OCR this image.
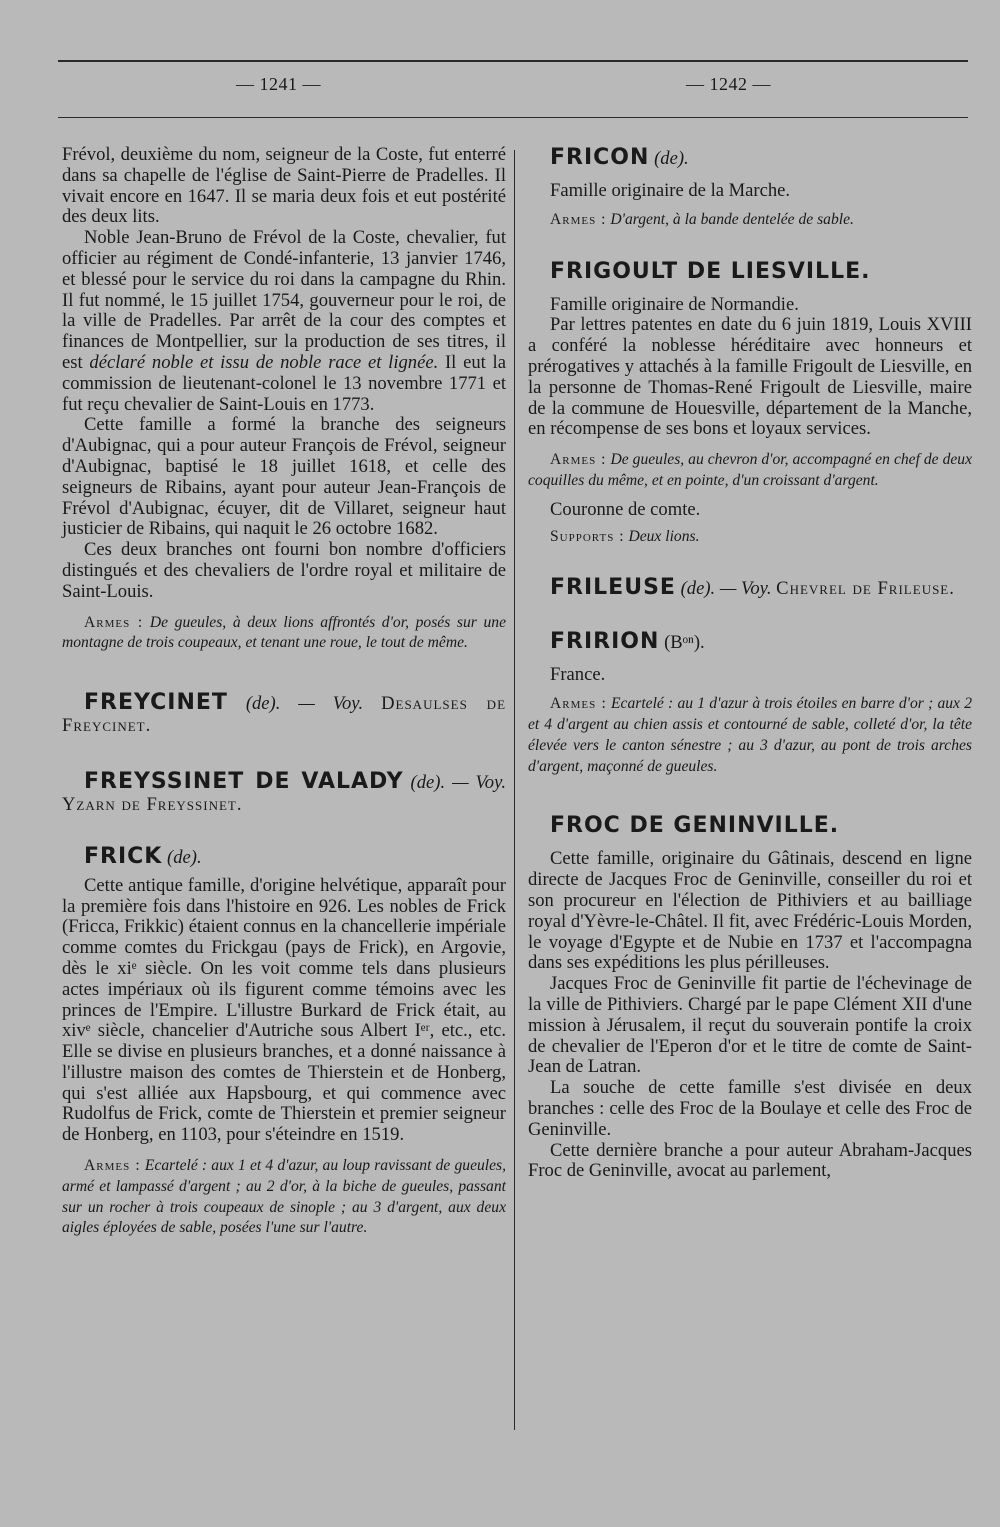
— 1241 —	— 1242 —

Frévol, deuxième du nom, seigneur de la Coste, fut enterré dans sa chapelle de l'église de Saint-Pierre de Pradelles. Il vivait encore en 1647. Il se maria deux fois et eut postérité des deux lits.

Noble Jean-Bruno de Frévol de la Coste, chevalier, fut officier au régiment de Condé-infanterie, 13 janvier 1746, et blessé pour le service du roi dans la campagne du Rhin. Il fut nommé, le 15 juillet 1754, gouverneur pour le roi, de la ville de Pradelles. Par arrêt de la cour des comptes et finances de Montpellier, sur la production de ses titres, il est déclaré noble et issu de noble race et lignée. Il eut la commission de lieutenant-colonel le 13 novembre 1771 et fut reçu chevalier de Saint-Louis en 1773.

Cette famille a formé la branche des seigneurs d'Aubignac, qui a pour auteur François de Frévol, seigneur d'Aubignac, baptisé le 18 juillet 1618, et celle des seigneurs de Ribains, ayant pour auteur Jean-François de Frévol d'Aubignac, écuyer, dit de Villaret, seigneur haut justicier de Ribains, qui naquit le 26 octobre 1682.

Ces deux branches ont fourni bon nombre d'officiers distingués et des chevaliers de l'ordre royal et militaire de Saint-Louis.

Armes : De gueules, à deux lions affrontés d'or, posés sur une montagne de trois coupeaux, et tenant une roue, le tout de même.

FREYCINET (de). — Voy. Desaulses de Freycinet.

FREYSSINET DE VALADY (de). — Voy. Yzarn de Freyssinet.

FRICK (de).

Cette antique famille, d'origine helvétique, apparaît pour la première fois dans l'histoire en 926. Les nobles de Frick (Fricca, Frikkic) étaient connus en la chancellerie impériale comme comtes du Frickgau (pays de Frick), en Argovie, dès le xiᵉ siècle. On les voit comme tels dans plusieurs actes impériaux où ils figurent comme témoins avec les princes de l'Empire. L'illustre Burkard de Frick était, au xivᵉ siècle, chancelier d'Autriche sous Albert Iᵉʳ, etc., etc. Elle se divise en plusieurs branches, et a donné naissance à l'illustre maison des comtes de Thierstein et de Honberg, qui s'est alliée aux Hapsbourg, et qui commence avec Rudolfus de Frick, comte de Thierstein et premier seigneur de Honberg, en 1103, pour s'éteindre en 1519.

Armes : Ecartelé : aux 1 et 4 d'azur, au loup ravissant de gueules, armé et lampassé d'argent ; au 2 d'or, à la biche de gueules, passant sur un rocher à trois coupeaux de sinople ; au 3 d'argent, aux deux aigles éployées de sable, posées l'une sur l'autre.

FRICON (de).

Famille originaire de la Marche.

Armes : D'argent, à la bande dentelée de sable.

FRIGOULT DE LIESVILLE.

Famille originaire de Normandie.

Par lettres patentes en date du 6 juin 1819, Louis XVIII a conféré la noblesse héréditaire avec honneurs et prérogatives y attachés à la famille Frigoult de Liesville, en la personne de Thomas-René Frigoult de Liesville, maire de la commune de Houesville, département de la Manche, en récompense de ses bons et loyaux services.

Armes : De gueules, au chevron d'or, accompagné en chef de deux coquilles du même, et en pointe, d'un croissant d'argent.

Couronne de comte.

Supports : Deux lions.

FRILEUSE (de). — Voy. Chevrel de Frileuse.

FRIRION (Bᵒⁿ).

France.

Armes : Ecartelé : au 1 d'azur à trois étoiles en barre d'or ; aux 2 et 4 d'argent au chien assis et contourné de sable, colleté d'or, la tête élevée vers le canton sénestre ; au 3 d'azur, au pont de trois arches d'argent, maçonné de gueules.

FROC DE GENINVILLE.

Cette famille, originaire du Gâtinais, descend en ligne directe de Jacques Froc de Geninville, conseiller du roi et son procureur en l'élection de Pithiviers et au bailliage royal d'Yèvre-le-Châtel. Il fit, avec Frédéric-Louis Morden, le voyage d'Egypte et de Nubie en 1737 et l'accompagna dans ses expéditions les plus périlleuses.

Jacques Froc de Geninville fit partie de l'échevinage de la ville de Pithiviers. Chargé par le pape Clément XII d'une mission à Jérusalem, il reçut du souverain pontife la croix de chevalier de l'Eperon d'or et le titre de comte de Saint-Jean de Latran.

La souche de cette famille s'est divisée en deux branches : celle des Froc de la Boulaye et celle des Froc de Geninville.

Cette dernière branche a pour auteur Abraham-Jacques Froc de Geninville, avocat au parlement,
